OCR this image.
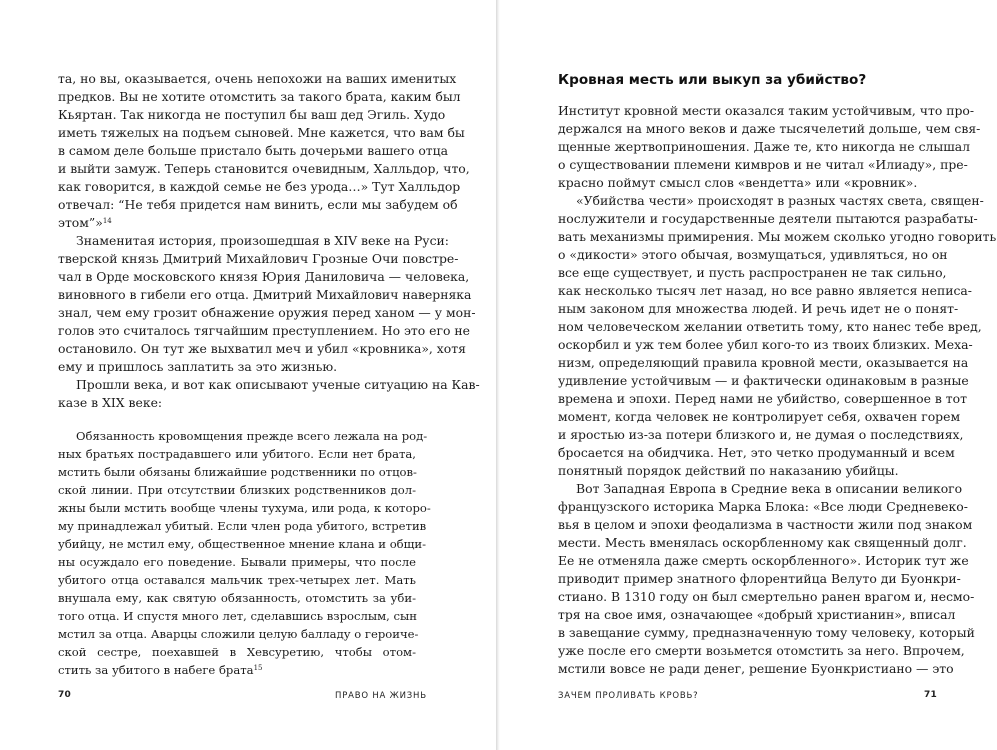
та, но вы, оказывается, очень непохожи на ваших именитых
предков. Вы не хотите отомстить за такого брата, каким был
Кьяртан. Так никогда не поступил бы ваш дед Эгиль. Худо
иметь тяжелых на подъем сыновей. Мне кажется, что вам бы
в самом деле больше пристало быть дочерьми вашего отца
и выйти замуж. Теперь становится очевидным, Халльдор, что,
как говорится, в каждой семье не без урода…» Тут Халльдор
отвечал: “Не тебя придется нам винить, если мы забудем об
этом”»$^{14}$
Знаменитая история, произошедшая в XIV веке на Руси:
тверской князь Дмитрий Михайлович Грозные Очи повстре-
чал в Орде московского князя Юрия Даниловича — человека,
виновного в гибели его отца. Дмитрий Михайлович наверняка
знал, чем ему грозит обнажение оружия перед ханом — у мон-
голов это считалось тягчайшим преступлением. Но это его не
остановило. Он тут же выхватил меч и убил «кровника», хотя
ему и пришлось заплатить за это жизнью.
Прошли века, и вот как описывают ученые ситуацию на Кав-
казе в XIX веке:
Обязанность кровомщения прежде всего лежала на род-
ных братьях пострадавшего или убитого. Если нет брата,
мстить были обязаны ближайшие родственники по отцов-
ской линии. При отсутствии близких родственников дол-
жны были мстить вообще члены тухума, или рода, к которо-
му принадлежал убитый. Если член рода убитого, встретив
убийцу, не мстил ему, общественное мнение клана и общи-
ны осуждало его поведение. Бывали примеры, что после
убитого отца оставался мальчик трех-четырех лет. Мать
внушала ему, как святую обязанность, отомстить за уби-
того отца. И спустя много лет, сделавшись взрослым, сын
мстил за отца. Аварцы сложили целую балладу о героиче-
ской сестре, поехавшей в Хевсуретию, чтобы отом-
стить за убитого в набеге брата$^{15}$
70	ПРАВО НА ЖИЗНЬ
Кровная месть или выкуп за убийство?
Институт кровной мести оказался таким устойчивым, что про-
держался на много веков и даже тысячелетий дольше, чем свя-
щенные жертвоприношения. Даже те, кто никогда не слышал
о существовании племени кимвров и не читал «Илиаду», пре-
красно поймут смысл слов «вендетта» или «кровник».
«Убийства чести» происходят в разных частях света, священ-
нослужители и государственные деятели пытаются разрабаты-
вать механизмы примирения. Мы можем сколько угодно говорить
о «дикости» этого обычая, возмущаться, удивляться, но он
все еще существует, и пусть распространен не так сильно,
как несколько тысяч лет назад, но все равно является неписа-
ным законом для множества людей. И речь идет не о понят-
ном человеческом желании ответить тому, кто нанес тебе вред,
оскорбил и уж тем более убил кого-то из твоих близких. Меха-
низм, определяющий правила кровной мести, оказывается на
удивление устойчивым — и фактически одинаковым в разные
времена и эпохи. Перед нами не убийство, совершенное в тот
момент, когда человек не контролирует себя, охвачен горем
и яростью из-за потери близкого и, не думая о последствиях,
бросается на обидчика. Нет, это четко продуманный и всем
понятный порядок действий по наказанию убийцы.
Вот Западная Европа в Средние века в описании великого
французского историка Марка Блока: «Все люди Средневеко-
вья в целом и эпохи феодализма в частности жили под знаком
мести. Месть вменялась оскорбленному как священный долг.
Ее не отменяла даже смерть оскорбленного». Историк тут же
приводит пример знатного флорентийца Велуто ди Буонкри-
стиано. В 1310 году он был смертельно ранен врагом и, несмо-
тря на свое имя, означающее «добрый христианин», вписал
в завещание сумму, предназначенную тому человеку, который
уже после его смерти возьмется отомстить за него. Впрочем,
мстили вовсе не ради денег, решение Буонкристиано — это
ЗАЧЕМ ПРОЛИВАТЬ КРОВЬ?	71
